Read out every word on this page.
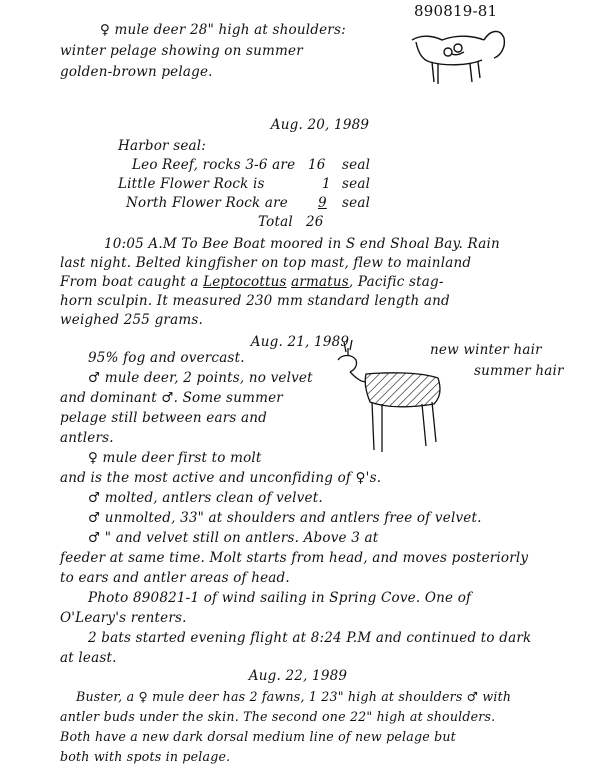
890819-81
♀ mule deer 28" high at shoulders:
winter pelage showing on summer
golden-brown pelage.
Aug. 20, 1989
Harbor seal:
Leo Reef, rocks 3-6 are 16 seal
Little Flower Rock is	1 seal
North Flower Rock are 9 seal
Total 26
10:05 A.M To Bee Boat moored in S end Shoal Bay. Rain
last night. Belted kingfisher on top mast, flew to mainland
From boat caught a Leptocottus armatus, Pacific stag-
horn sculpin. It measured 230 mm standard length and
weighed 255 grams.
Aug. 21, 1989	new winter hair
summer hair
95% fog and overcast.
♂ mule deer, 2 points, no velvet
and dominant ♂. Some summer
pelage still between ears and
antlers.
♀ mule deer first to molt
and is the most active and unconfiding of ♀'s.
♂ molted, antlers clean of velvet.
♂ unmolted, 33" at shoulders and antlers free of velvet.
♂ " and velvet still on antlers. Above 3 at
feeder at same time. Molt starts from head, and moves posteriorly
to ears and antler areas of head.
Photo 890821-1 of wind sailing in Spring Cove. One of
O'Leary's renters.
2 bats started evening flight at 8:24 P.M and continued to dark
at least.
Aug. 22, 1989
Buster, a ♀ mule deer has 2 fawns, 1 23" high at shoulders ♂ with
antler buds under the skin. The second one 22" high at shoulders.
Both have a new dark dorsal medium line of new pelage but
both with spots in pelage.
